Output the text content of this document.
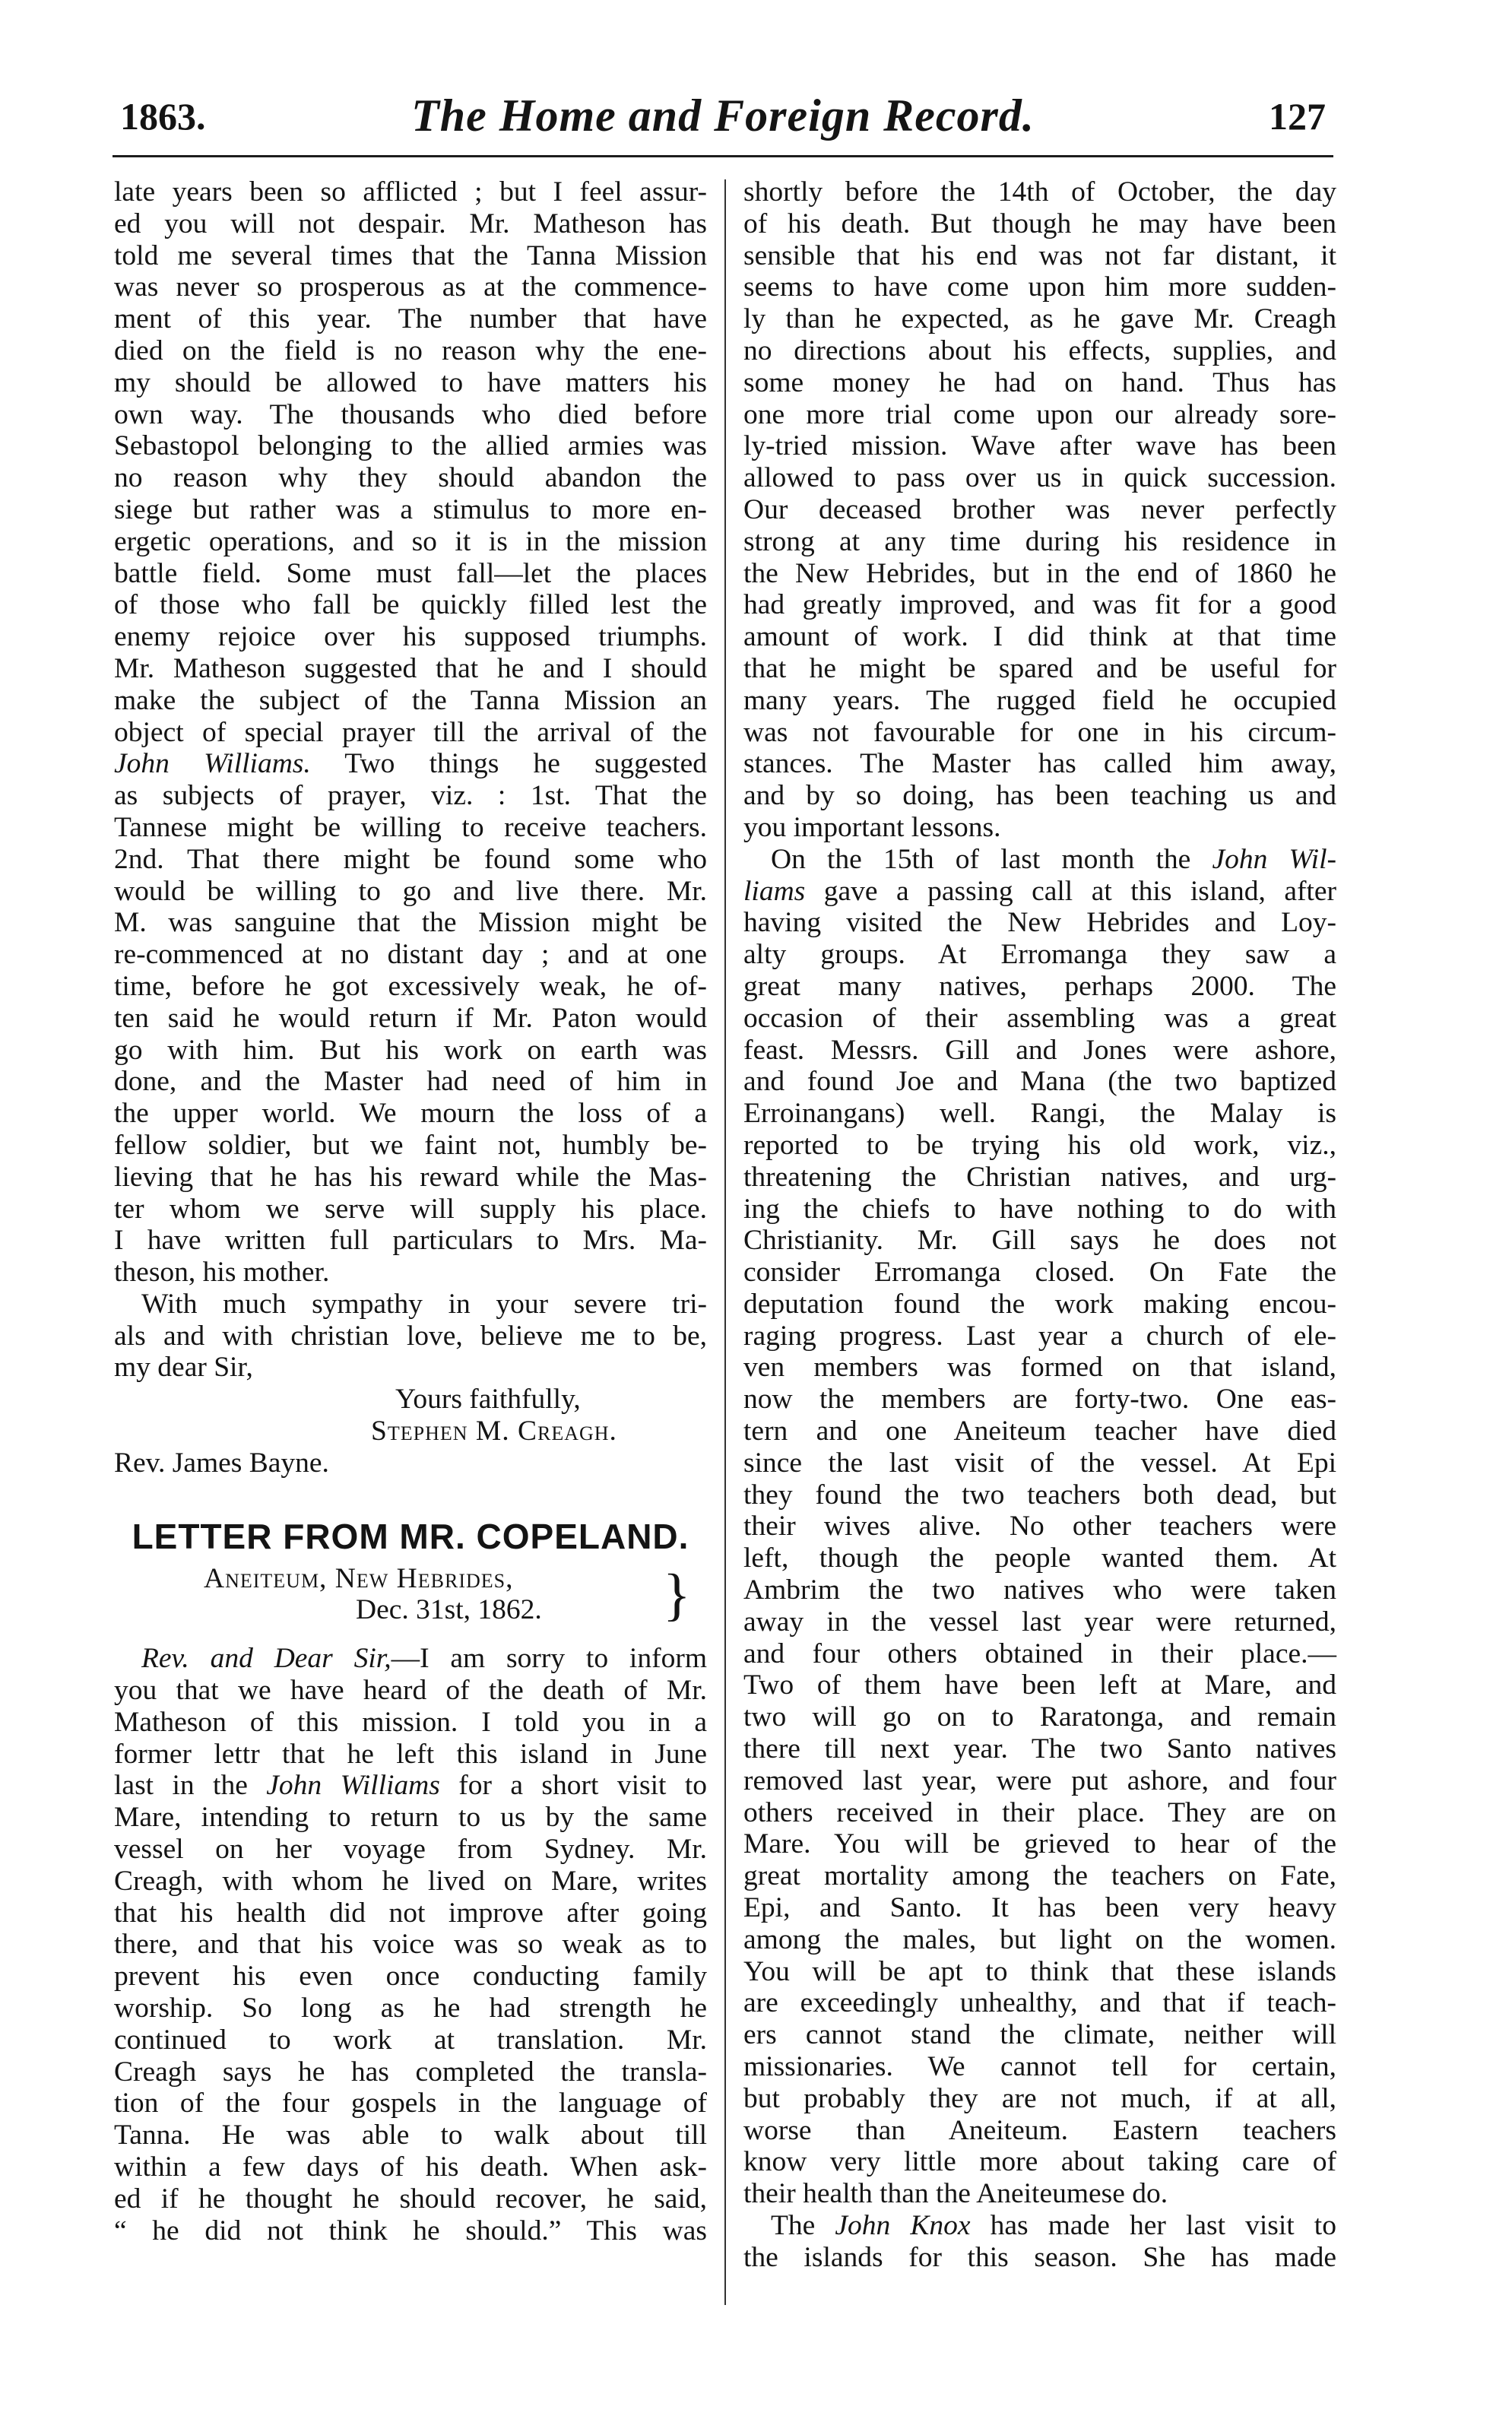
1863.	The Home and Foreign Record.	127
late years been so afflicted ; but I feel assur-
ed you will not despair. Mr. Matheson has
told me several times that the Tanna Mission
was never so prosperous as at the commence-
ment of this year. The number that have
died on the field is no reason why the ene-
my should be allowed to have matters his
own way. The thousands who died before
Sebastopol belonging to the allied armies was
no reason why they should abandon the
siege but rather was a stimulus to more en-
ergetic operations, and so it is in the mission
battle field. Some must fall—let the places
of those who fall be quickly filled lest the
enemy rejoice over his supposed triumphs.
Mr. Matheson suggested that he and I should
make the subject of the Tanna Mission an
object of special prayer till the arrival of the
John Williams. Two things he suggested
as subjects of prayer, viz. : 1st. That the
Tannese might be willing to receive teachers.
2nd. That there might be found some who
would be willing to go and live there. Mr.
M. was sanguine that the Mission might be
re-commenced at no distant day ; and at one
time, before he got excessively weak, he of-
ten said he would return if Mr. Paton would
go with him. But his work on earth was
done, and the Master had need of him in
the upper world. We mourn the loss of a
fellow soldier, but we faint not, humbly be-
lieving that he has his reward while the Mas-
ter whom we serve will supply his place.
I have written full particulars to Mrs. Ma-
theson, his mother.
With much sympathy in your severe tri-
als and with christian love, believe me to be,
my dear Sir,
Yours faithfully,
Stephen M. Creagh.
Rev. James Bayne.
LETTER FROM MR. COPELAND.
Aneiteum, New Hebrides,	}
Dec. 31st, 1862.
Rev. and Dear Sir,—I am sorry to inform
you that we have heard of the death of Mr.
Matheson of this mission. I told you in a
former lettr that he left this island in June
last in the John Williams for a short visit to
Mare, intending to return to us by the same
vessel on her voyage from Sydney. Mr.
Creagh, with whom he lived on Mare, writes
that his health did not improve after going
there, and that his voice was so weak as to
prevent his even once conducting family
worship. So long as he had strength he
continued to work at translation. Mr.
Creagh says he has completed the transla-
tion of the four gospels in the language of
Tanna. He was able to walk about till
within a few days of his death. When ask-
ed if he thought he should recover, he said,
“ he did not think he should.” This was
shortly before the 14th of October, the day
of his death. But though he may have been
sensible that his end was not far distant, it
seems to have come upon him more sudden-
ly than he expected, as he gave Mr. Creagh
no directions about his effects, supplies, and
some money he had on hand. Thus has
one more trial come upon our already sore-
ly-tried mission. Wave after wave has been
allowed to pass over us in quick succession.
Our deceased brother was never perfectly
strong at any time during his residence in
the New Hebrides, but in the end of 1860 he
had greatly improved, and was fit for a good
amount of work. I did think at that time
that he might be spared and be useful for
many years. The rugged field he occupied
was not favourable for one in his circum-
stances. The Master has called him away,
and by so doing, has been teaching us and
you important lessons.
On the 15th of last month the John Wil-
liams gave a passing call at this island, after
having visited the New Hebrides and Loy-
alty groups. At Erromanga they saw a
great many natives, perhaps 2000. The
occasion of their assembling was a great
feast. Messrs. Gill and Jones were ashore,
and found Joe and Mana (the two baptized
Erroinangans) well. Rangi, the Malay is
reported to be trying his old work, viz.,
threatening the Christian natives, and urg-
ing the chiefs to have nothing to do with
Christianity. Mr. Gill says he does not
consider Erromanga closed. On Fate the
deputation found the work making encou-
raging progress. Last year a church of ele-
ven members was formed on that island,
now the members are forty-two. One eas-
tern and one Aneiteum teacher have died
since the last visit of the vessel. At Epi
they found the two teachers both dead, but
their wives alive. No other teachers were
left, though the people wanted them. At
Ambrim the two natives who were taken
away in the vessel last year were returned,
and four others obtained in their place.—
Two of them have been left at Mare, and
two will go on to Raratonga, and remain
there till next year. The two Santo natives
removed last year, were put ashore, and four
others received in their place. They are on
Mare. You will be grieved to hear of the
great mortality among the teachers on Fate,
Epi, and Santo. It has been very heavy
among the males, but light on the women.
You will be apt to think that these islands
are exceedingly unhealthy, and that if teach-
ers cannot stand the climate, neither will
missionaries. We cannot tell for certain,
but probably they are not much, if at all,
worse than Aneiteum. Eastern teachers
know very little more about taking care of
their health than the Aneiteumese do.
The John Knox has made her last visit to
the islands for this season. She has made
